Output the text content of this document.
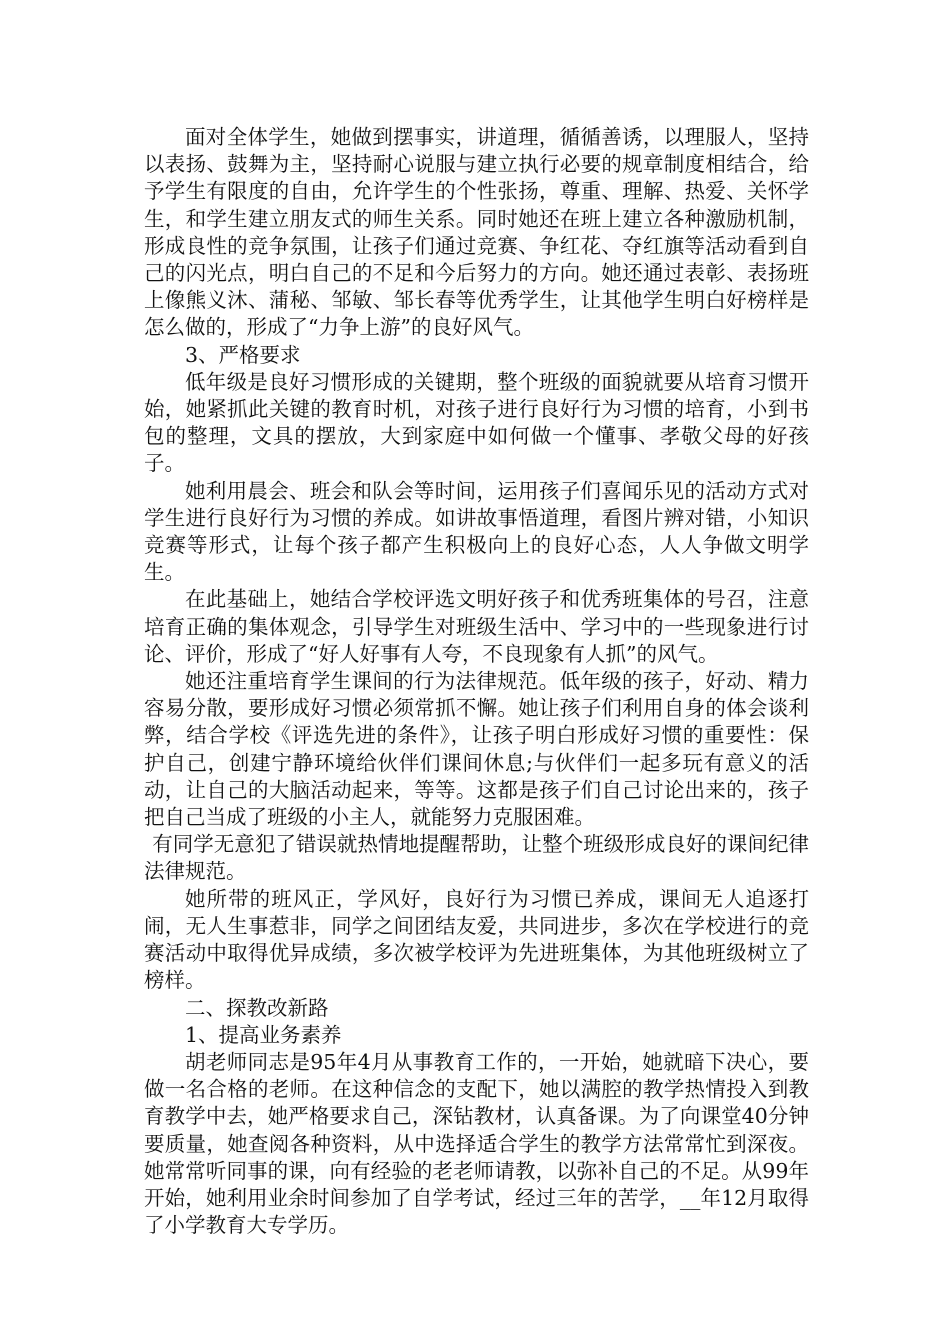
面对全体学生，她做到摆事实，讲道理，循循善诱，以理服人，坚持以表扬、鼓舞为主，坚持耐心说服与建立执行必要的规章制度相结合，给予学生有限度的自由，允许学生的个性张扬，尊重、理解、热爱、关怀学生，和学生建立朋友式的师生关系。同时她还在班上建立各种激励机制，形成良性的竞争氛围，让孩子们通过竞赛、争红花、夺红旗等活动看到自己的闪光点，明白自己的不足和今后努力的方向。她还通过表彰、表扬班上像熊义沐、蒲秘、邹敏、邹长春等优秀学生，让其他学生明白好榜样是怎么做的，形成了“力争上游”的良好风气。

3、严格要求

低年级是良好习惯形成的关键期，整个班级的面貌就要从培育习惯开始，她紧抓此关键的教育时机，对孩子进行良好行为习惯的培育，小到书包的整理，文具的摆放，大到家庭中如何做一个懂事、孝敬父母的好孩子。

她利用晨会、班会和队会等时间，运用孩子们喜闻乐见的活动方式对学生进行良好行为习惯的养成。如讲故事悟道理，看图片辨对错，小知识竞赛等形式，让每个孩子都产生积极向上的良好心态，人人争做文明学生。

在此基础上，她结合学校评选文明好孩子和优秀班集体的号召，注意培育正确的集体观念，引导学生对班级生活中、学习中的一些现象进行讨论、评价，形成了“好人好事有人夸，不良现象有人抓”的风气。

她还注重培育学生课间的行为法律规范。低年级的孩子，好动、精力容易分散，要形成好习惯必须常抓不懈。她让孩子们利用自身的体会谈利弊，结合学校《评选先进的条件》，让孩子明白形成好习惯的重要性：保护自己，创建宁静环境给伙伴们课间休息;与伙伴们一起多玩有意义的活动，让自己的大脑活动起来，等等。这都是孩子们自己讨论出来的，孩子把自己当成了班级的小主人，就能努力克服困难。

有同学无意犯了错误就热情地提醒帮助，让整个班级形成良好的课间纪律法律规范。

她所带的班风正，学风好，良好行为习惯已养成，课间无人追逐打闹，无人生事惹非，同学之间团结友爱，共同进步，多次在学校进行的竞赛活动中取得优异成绩，多次被学校评为先进班集体，为其他班级树立了榜样。

二、探教改新路

1、提高业务素养

胡老师同志是95年4月从事教育工作的，一开始，她就暗下决心，要做一名合格的老师。在这种信念的支配下，她以满腔的教学热情投入到教育教学中去，她严格要求自己，深钻教材，认真备课。为了向课堂40分钟要质量，她查阅各种资料，从中选择适合学生的教学方法常常忙到深夜。她常常听同事的课，向有经验的老老师请教，以弥补自己的不足。从99年开始，她利用业余时间参加了自学考试，经过三年的苦学，__年12月取得了小学教育大专学历。
